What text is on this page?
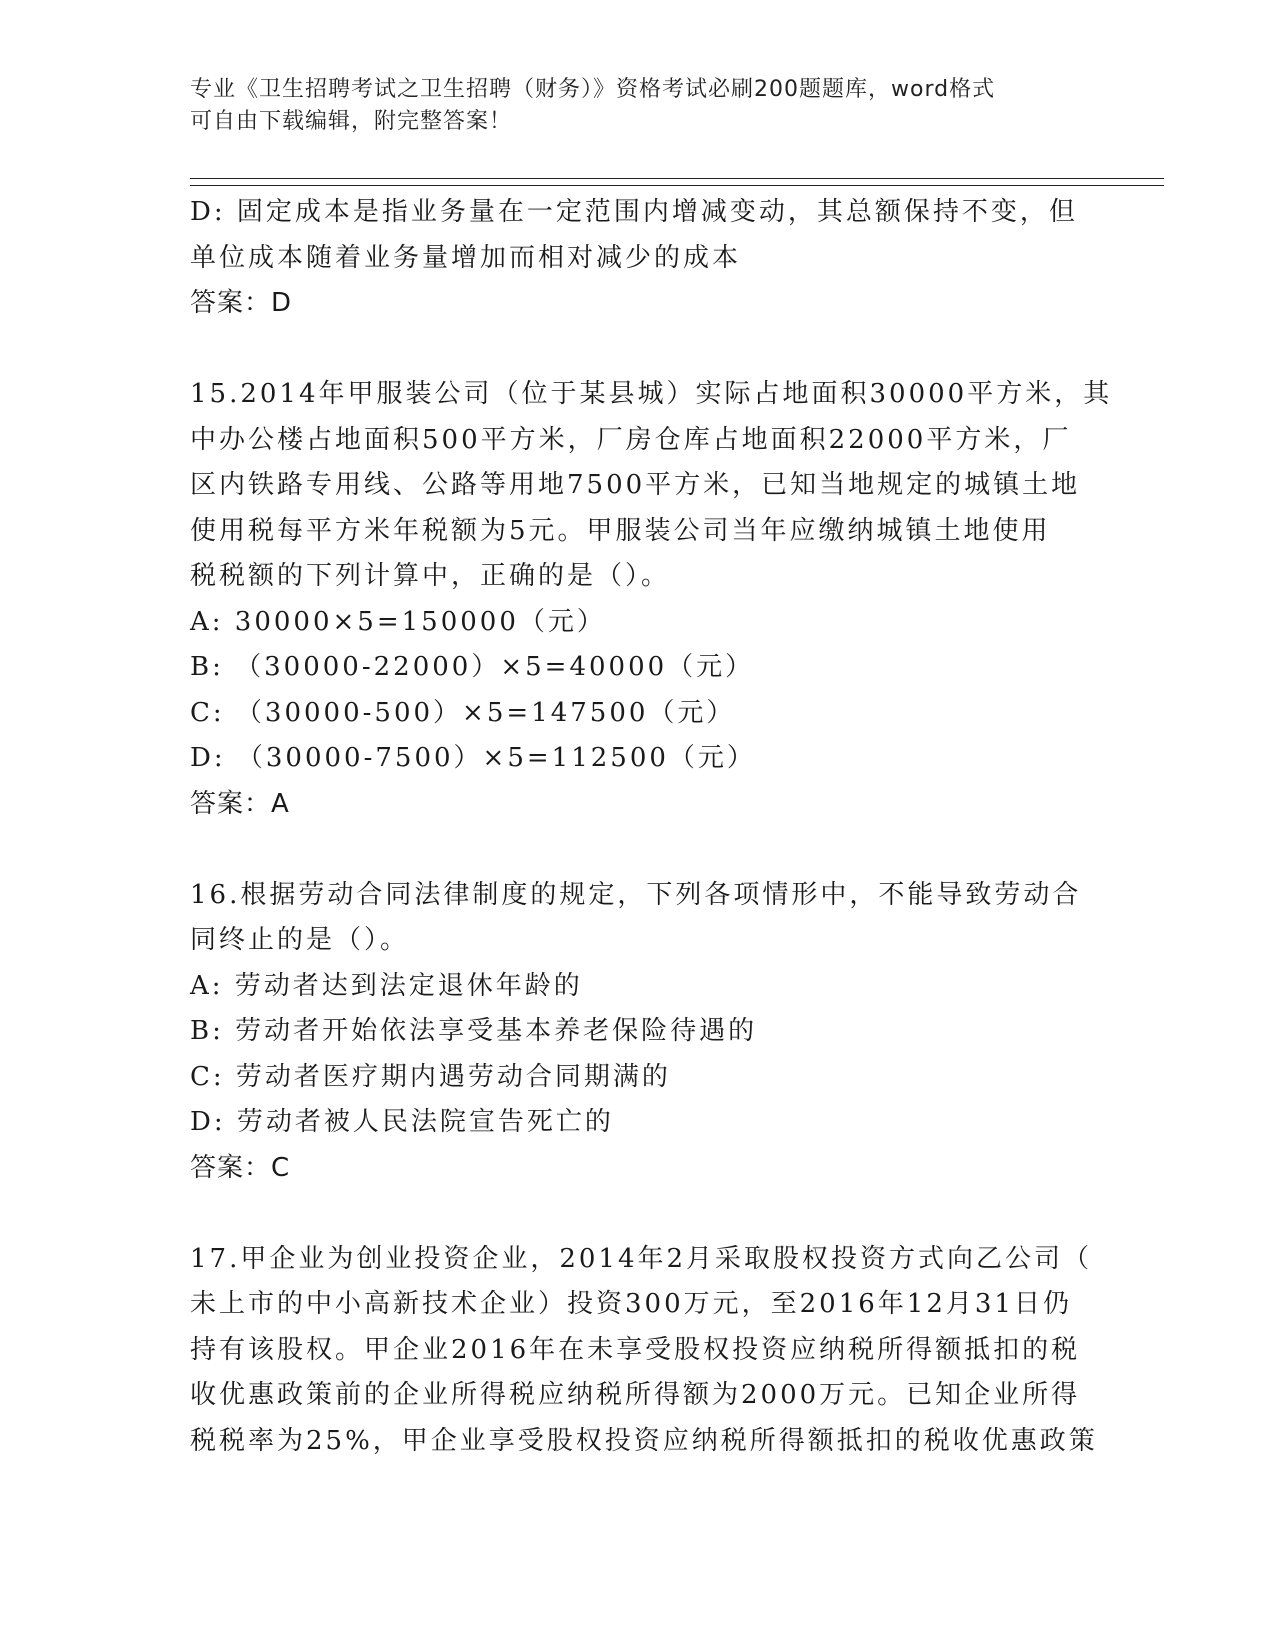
专业《卫生招聘考试之卫生招聘（财务）》资格考试必刷200题题库，word格式
可自由下载编辑，附完整答案！
D: 固定成本是指业务量在一定范围内增减变动，其总额保持不变，但
单位成本随着业务量增加而相对减少的成本
答案：D
15.2014年甲服装公司（位于某县城）实际占地面积30000平方米，其
中办公楼占地面积500平方米，厂房仓库占地面积22000平方米，厂
区内铁路专用线、公路等用地7500平方米，已知当地规定的城镇土地
使用税每平方米年税额为5元。甲服装公司当年应缴纳城镇土地使用
税税额的下列计算中，正确的是（）。
A: 30000×5=150000（元）
B: （30000-22000）×5=40000（元）
C: （30000-500）×5=147500（元）
D: （30000-7500）×5=112500（元）
答案：A
16.根据劳动合同法律制度的规定，下列各项情形中，不能导致劳动合
同终止的是（）。
A: 劳动者达到法定退休年龄的
B: 劳动者开始依法享受基本养老保险待遇的
C: 劳动者医疗期内遇劳动合同期满的
D: 劳动者被人民法院宣告死亡的
答案：C
17.甲企业为创业投资企业，2014年2月采取股权投资方式向乙公司（
未上市的中小高新技术企业）投资300万元，至2016年12月31日仍
持有该股权。甲企业2016年在未享受股权投资应纳税所得额抵扣的税
收优惠政策前的企业所得税应纳税所得额为2000万元。已知企业所得
税税率为25%，甲企业享受股权投资应纳税所得额抵扣的税收优惠政策
